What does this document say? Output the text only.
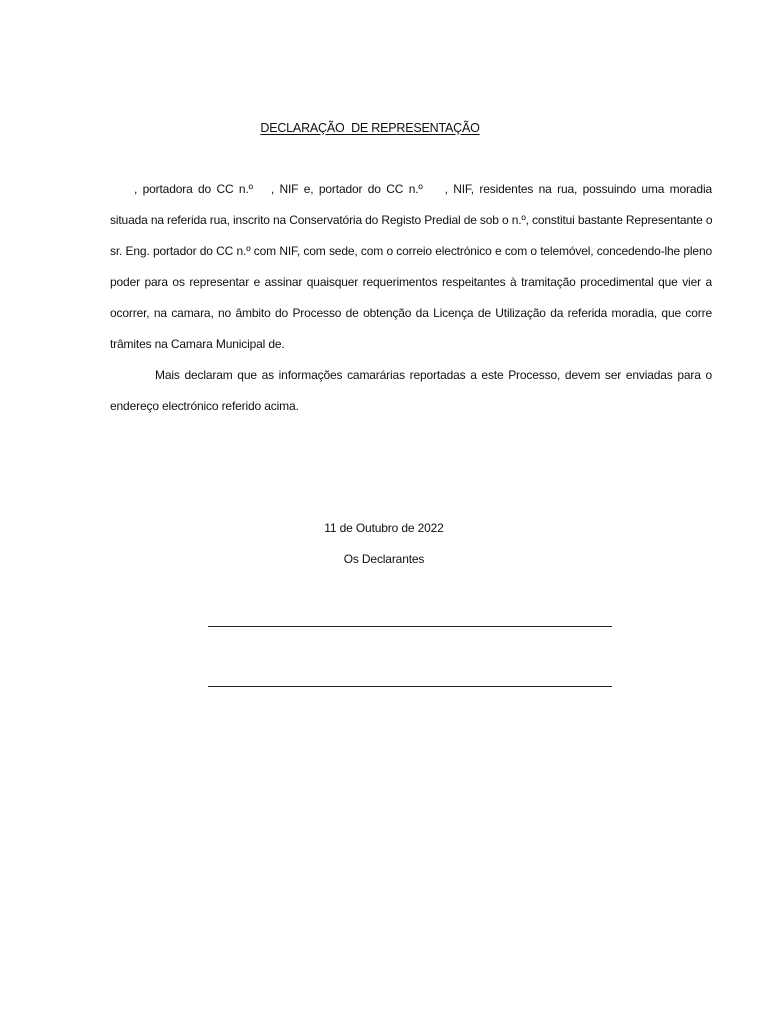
DECLARAÇÃO  DE REPRESENTAÇÃO
, portadora do CC n.º , NIF e, portador do CC n.º , NIF, residentes na rua, possuindo uma moradia
situada na referida rua, inscrito na Conservatória do Registo Predial de sob o n.º, constitui bastante Representante o
sr. Eng. portador do CC n.º com NIF, com sede, com o correio electrónico e com o telemóvel, concedendo-lhe pleno
poder para os representar e assinar quaisquer requerimentos respeitantes à tramitação procedimental que vier a
ocorrer, na camara, no âmbito do Processo de obtenção da Licença de Utilização da referida moradia, que corre
trâmites na Camara Municipal de.
Mais declaram que as informações camarárias reportadas a este Processo, devem ser enviadas para o
endereço electrónico referido acima.
11 de Outubro de 2022
Os Declarantes
